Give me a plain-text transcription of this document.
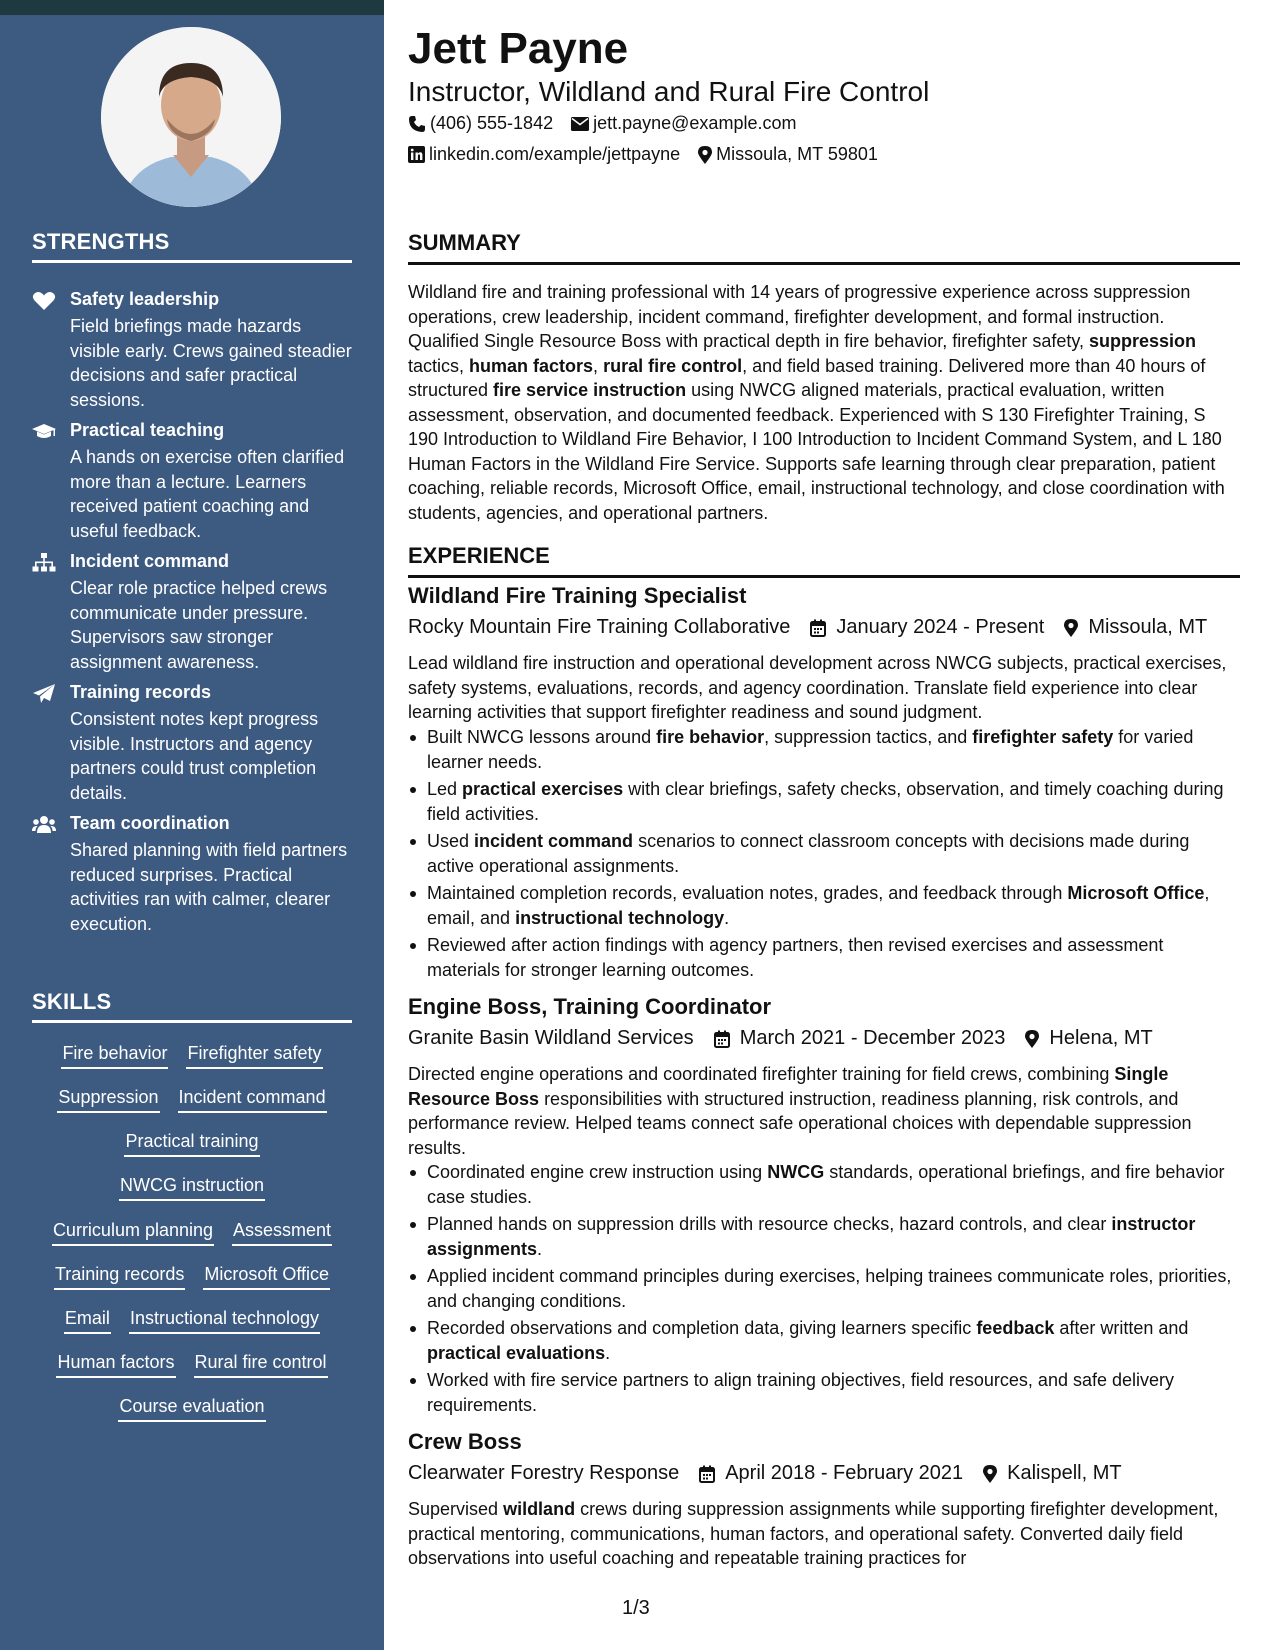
STRENGTHS
Safety leadership
Field briefings made hazards visible early. Crews gained steadier decisions and safer practical sessions.
Practical teaching
A hands on exercise often clarified more than a lecture. Learners received patient coaching and useful feedback.
Incident command
Clear role practice helped crews communicate under pressure. Supervisors saw stronger assignment awareness.
Training records
Consistent notes kept progress visible. Instructors and agency partners could trust completion details.
Team coordination
Shared planning with field partners reduced surprises. Practical activities ran with calmer, clearer execution.
SKILLS
Fire behavior Firefighter safety
Suppression Incident command
Practical training
NWCG instruction
Curriculum planning Assessment
Training records Microsoft Office
Email Instructional technology
Human factors Rural fire control
Course evaluation
Jett Payne
Instructor, Wildland and Rural Fire Control
(406) 555-1842 jett.payne@example.com
linkedin.com/example/jettpayne Missoula, MT 59801
SUMMARY

Wildland fire and training professional with 14 years of progressive experience across suppression operations, crew leadership, incident command, firefighter development, and formal instruction. Qualified Single Resource Boss with practical depth in fire behavior, firefighter safety, suppression tactics, human factors, rural fire control, and field based training. Delivered more than 40 hours of structured fire service instruction using NWCG aligned materials, practical evaluation, written assessment, observation, and documented feedback. Experienced with S 130 Firefighter Training, S 190 Introduction to Wildland Fire Behavior, I 100 Introduction to Incident Command System, and L 180 Human Factors in the Wildland Fire Service. Supports safe learning through clear preparation, patient coaching, reliable records, Microsoft Office, email, instructional technology, and close coordination with students, agencies, and operational partners.

EXPERIENCE
Wildland Fire Training Specialist
Rocky Mountain Fire Training Collaborative January 2024 - Present Missoula, MT

Lead wildland fire instruction and operational development across NWCG subjects, practical exercises, safety systems, evaluations, records, and agency coordination. Translate field experience into clear learning activities that support firefighter readiness and sound judgment.

Built NWCG lessons around fire behavior, suppression tactics, and firefighter safety for varied learner needs.
Led practical exercises with clear briefings, safety checks, observation, and timely coaching during field activities.
Used incident command scenarios to connect classroom concepts with decisions made during active operational assignments.
Maintained completion records, evaluation notes, grades, and feedback through Microsoft Office, email, and instructional technology.
Reviewed after action findings with agency partners, then revised exercises and assessment materials for stronger learning outcomes.
Engine Boss, Training Coordinator
Granite Basin Wildland Services March 2021 - December 2023 Helena, MT

Directed engine operations and coordinated firefighter training for field crews, combining Single Resource Boss responsibilities with structured instruction, readiness planning, risk controls, and performance review. Helped teams connect safe operational choices with dependable suppression results.

Coordinated engine crew instruction using NWCG standards, operational briefings, and fire behavior case studies.
Planned hands on suppression drills with resource checks, hazard controls, and clear instructor assignments.
Applied incident command principles during exercises, helping trainees communicate roles, priorities, and changing conditions.
Recorded observations and completion data, giving learners specific feedback after written and practical evaluations.
Worked with fire service partners to align training objectives, field resources, and safe delivery requirements.
Crew Boss
Clearwater Forestry Response April 2018 - February 2021 Kalispell, MT

Supervised wildland crews during suppression assignments while supporting firefighter development, practical mentoring, communications, human factors, and operational safety. Converted daily field observations into useful coaching and repeatable training practices for

1/3
